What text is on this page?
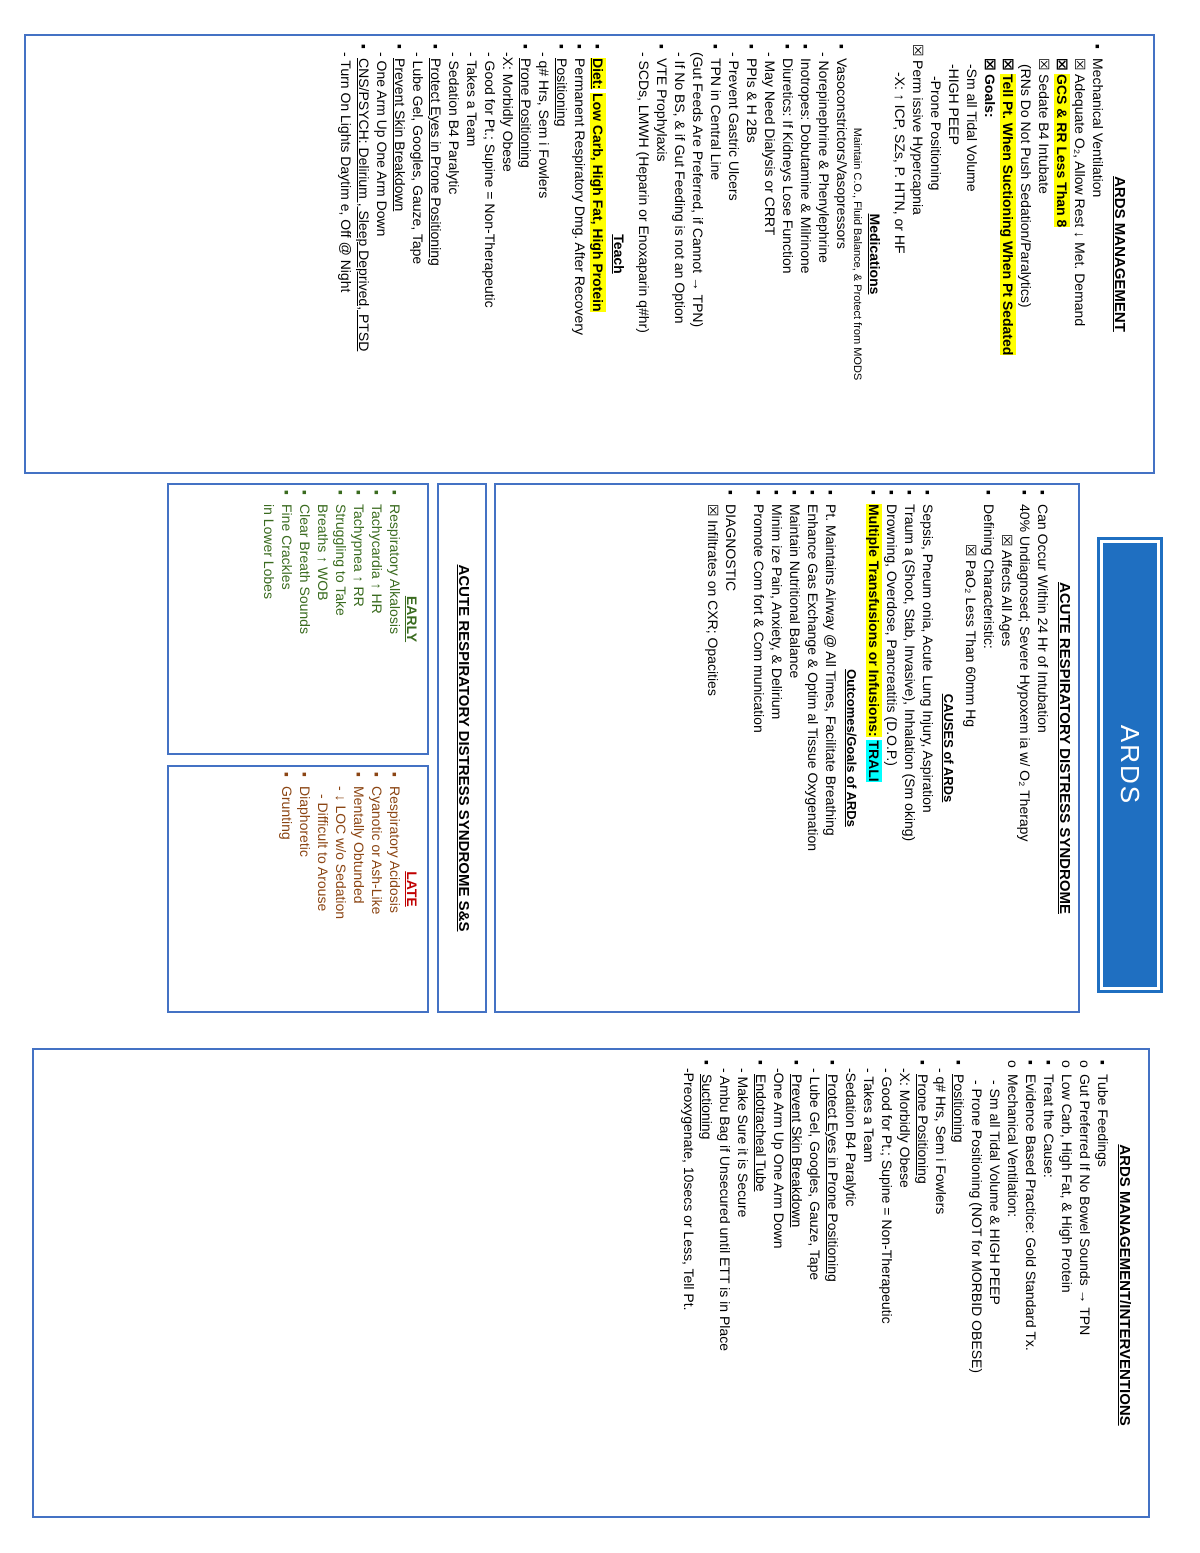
ARDS MANAGEMENT
▪ Mechanical Ventilation
☒ Adequate O₂, Allow Rest ↓ Met. Demand
☒ GCS & RR Less Than 8
☒ Sedate B4 Intubate
(RNs Do Not Push Sedation/Paralytics)
☒ Tell Pt. When Suctioning When Pt Sedated
☒ Goals:
-Sm all Tidal Volume
-HIGH PEEP
-Prone Positioning
☒ Perm issive Hypercapnia
-X: ↑ ICP, SZs, P. HTN, or HF
Medications
Maintain C.O., Fluid Balance, & Protect from MODS
▪ Vasoconstrictors/Vasopressors
- Norepinephrine & Phenylephrine
▪ Inotropes: Dobutamine & Milrinone
▪ Diuretics: If Kidneys Lose Function
- May Need Dialysis or CRRT
▪ PPIs & H 2Bs
- Prevent Gastric Ulcers
▪ TPN in Central Line
(Gut Feeds Are Preferred, if Cannot → TPN)
- If No BS, & if Gut Feeding is not an Option
▪ VTE Prophylaxis
- SCDs, LMWH (Heparin or Enoxaparin q#hr)
Teach
▪ Diet: Low Carb, High Fat, High Protein
▪ Permanent Respiratory Dmg. After Recovery
▪ Positioning
- q# Hrs, Sem i Fowlers
▪ Prone Positioning
-X: Morbidly Obese
- Good for Pt.; Supine = Non-Therapeutic
- Takes a Team
- Sedation B4 Paralytic
▪ Protect Eyes in Prone Positioning
- Lube Gel, Googles, Gauze, Tape
▪ Prevent Skin Breakdown
- One Arm Up One Arm Down
▪ CNS/PSYCH: Delirium , Sleep Deprived, PTSD
- Turn On Lights Daytim e, Off @ Night
ARDS
ACUTE RESPIRATORY DISTRESS SYNDROME
▪ Can Occur Within 24 Hr of Intubation
▪ 40% Undiagnosed; Severe Hypoxem ia w/ O₂ Therapy
☒ Affects All Ages
▪ Defining Characteristic:
☒ PaO₂ Less Than 60mm Hg
CAUSES of ARDs
▪ Sepsis, Pneum onia, Acute Lung Injury, Aspiration
▪ Traum a (Shoot, Stab, Invasive), Inhalation (Sm oking)
▪ Drowning, Overdose, Pancreatitis (D.O.P.)
▪ Multiple Transfusions or Infusions: TRALI
Outcomes/Goals of ARDs
▪ Pt. Maintains Airway @ All Times, Facilitate Breathing
▪ Enhance Gas Exchange & Optim al Tissue Oxygenation
▪ Maintain Nutritional Balance
▪ Minim ize Pain, Anxiety, & Delirium
▪ Promote Com fort & Com munication
▪ DIAGNOSTIC
☒ Infiltrates on CXR; Opacities
ACUTE RESPIRATORY DISTRESS SYNDROME S&S
EARLY
▪ Respiratory Alkalosis
▪ Tachycardia ↑ HR
▪ Tachypnea ↑ RR
▪ Struggling to Take
Breaths ↑ WOB
▪ Clear Breath Sounds
▪ Fine Crackles
in Lower Lobes
LATE
▪ Respiratory Acidosis
▪ Cyanotic or Ash-Like
▪ Mentally Obtunded
- ↓ LOC w/o Sedation
- Difficult to Arouse
▪ Diaphoretic
▪ Grunting
ARDS MANAGEMENT/INTERVENTIONS
▪ Tube Feedings
o Gut Preferred If No Bowel Sounds → TPN
o Low Carb, High Fat, & High Protein
▪ Treat the Cause:
▪ Evidence Based Practice: Gold Standard Tx.
o Mechanical Ventilation:
- Sm all Tidal Volume & HIGH PEEP
- Prone Positioning (NOT for MORBID OBESE)
▪ Positioning
- q# Hrs, Sem i Fowlers
▪ Prone Positioning
-X: Morbidly Obese
- Good for Pt.; Supine = Non-Therapeutic
- Takes a Team
-Sedation B4 Paralytic
▪ Protect Eyes in Prone Positioning
- Lube Gel, Googles, Gauze, Tape
▪ Prevent Skin Breakdown
-One Arm Up One Arm Down
▪ Endotracheal Tube
- Make Sure it is Secure
- Ambu Bag if Unsecured until ETT is in Place
▪ Suctioning
-Preoxygenate, 10secs or Less, Tell Pt.
